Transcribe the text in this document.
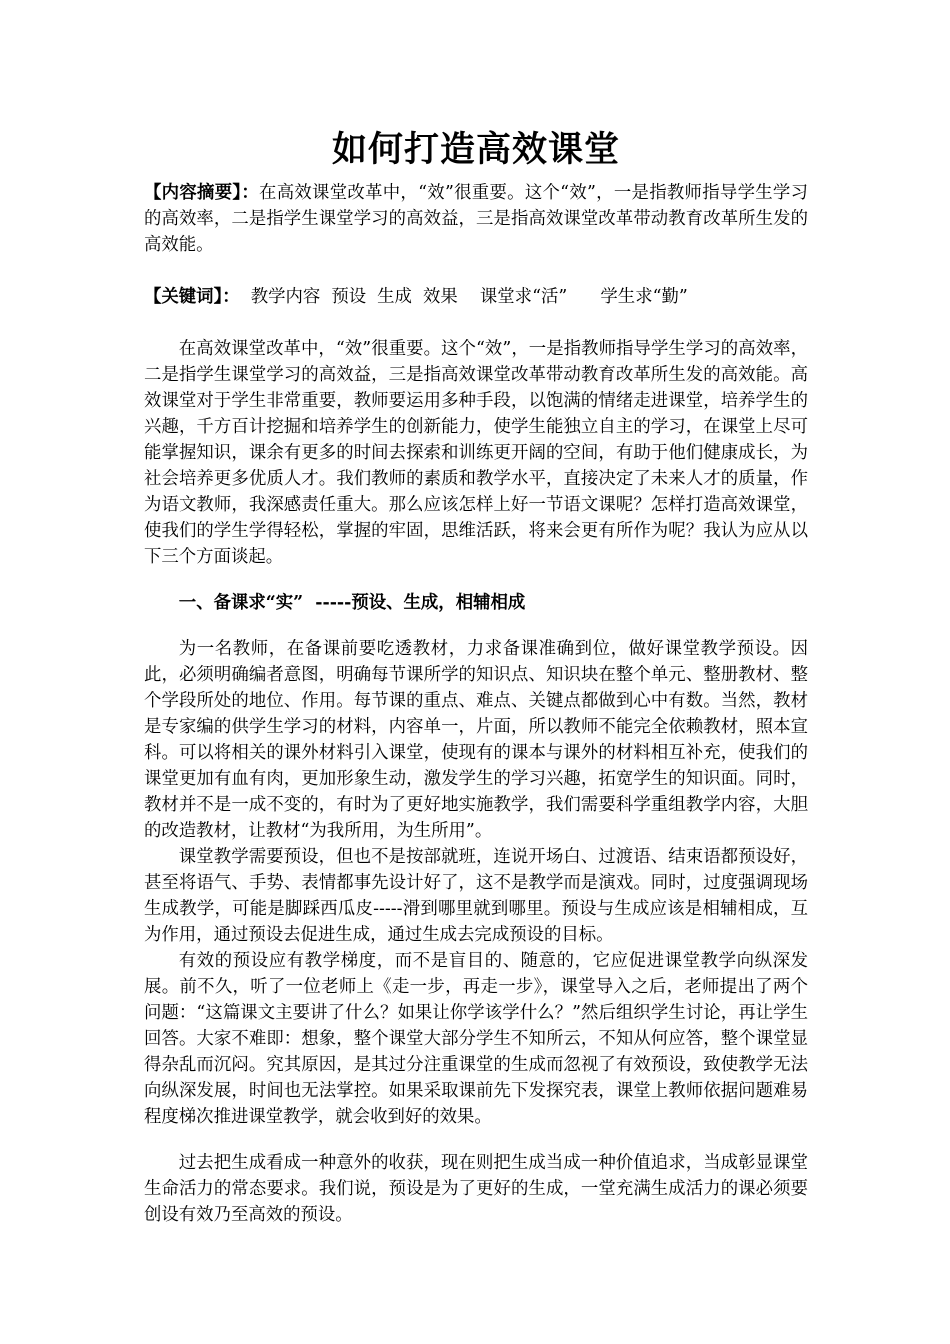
如何打造高效课堂

【内容摘要】：在高效课堂改革中，“效”很重要。这个“效”，一是指教师指导学生学习的高效率，二是指学生课堂学习的高效益，三是指高效课堂改革带动教育改革所生发的高效能。

【关键词】：  教学内容  预设  生成  效果    课堂求“活”      学生求“勤”

在高效课堂改革中，“效”很重要。这个“效”，一是指教师指导学生学习的高效率，二是指学生课堂学习的高效益，三是指高效课堂改革带动教育改革所生发的高效能。高效课堂对于学生非常重要，教师要运用多种手段，以饱满的情绪走进课堂，培养学生的兴趣，千方百计挖掘和培养学生的创新能力，使学生能独立自主的学习，在课堂上尽可能掌握知识，课余有更多的时间去探索和训练更开阔的空间，有助于他们健康成长，为社会培养更多优质人才。我们教师的素质和教学水平，直接决定了未来人才的质量，作为语文教师，我深感责任重大。那么应该怎样上好一节语文课呢？怎样打造高效课堂，使我们的学生学得轻松，掌握的牢固，思维活跃，将来会更有所作为呢？我认为应从以下三个方面谈起。

一、备课求“实”  -----预设、生成，相辅相成

为一名教师，在备课前要吃透教材，力求备课准确到位，做好课堂教学预设。因此，必须明确编者意图，明确每节课所学的知识点、知识块在整个单元、整册教材、整个学段所处的地位、作用。每节课的重点、难点、关键点都做到心中有数。当然，教材是专家编的供学生学习的材料，内容单一，片面，所以教师不能完全依赖教材，照本宣科。可以将相关的课外材料引入课堂，使现有的课本与课外的材料相互补充，使我们的课堂更加有血有肉，更加形象生动，激发学生的学习兴趣，拓宽学生的知识面。同时，教材并不是一成不变的，有时为了更好地实施教学，我们需要科学重组教学内容，大胆的改造教材，让教材“为我所用，为生所用”。

课堂教学需要预设，但也不是按部就班，连说开场白、过渡语、结束语都预设好，甚至将语气、手势、表情都事先设计好了，这不是教学而是演戏。同时，过度强调现场生成教学，可能是脚踩西瓜皮-----滑到哪里就到哪里。预设与生成应该是相辅相成，互为作用，通过预设去促进生成，通过生成去完成预设的目标。

有效的预设应有教学梯度，而不是盲目的、随意的，它应促进课堂教学向纵深发展。前不久，听了一位老师上《走一步，再走一步》，课堂导入之后，老师提出了两个问题：“这篇课文主要讲了什么？如果让你学该学什么？”然后组织学生讨论，再让学生回答。大家不难即：想象，整个课堂大部分学生不知所云，不知从何应答，整个课堂显得杂乱而沉闷。究其原因，是其过分注重课堂的生成而忽视了有效预设，致使教学无法向纵深发展，时间也无法掌控。如果采取课前先下发探究表，课堂上教师依据问题难易程度梯次推进课堂教学，就会收到好的效果。

过去把生成看成一种意外的收获，现在则把生成当成一种价值追求，当成彰显课堂生命活力的常态要求。我们说，预设是为了更好的生成，一堂充满生成活力的课必须要创设有效乃至高效的预设。
